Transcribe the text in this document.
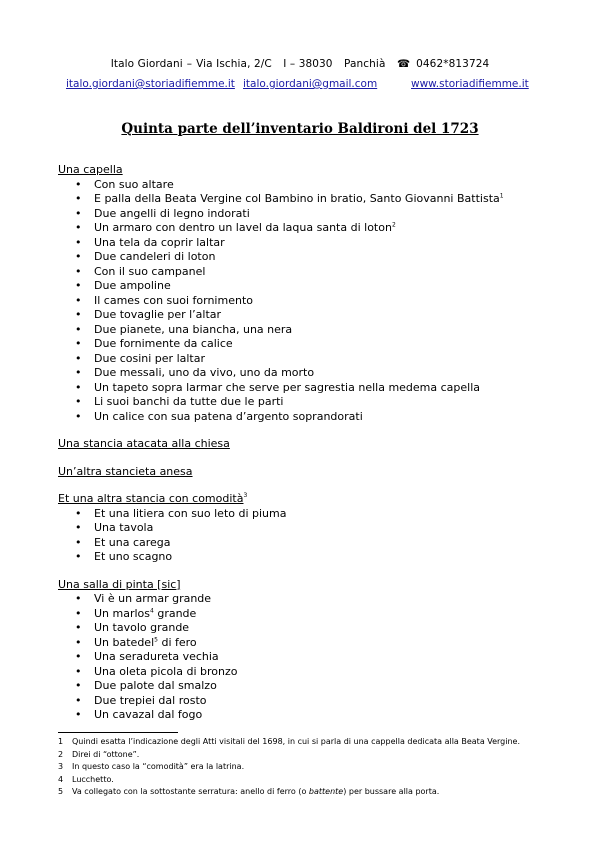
Italo Giordani – Via Ischia, 2/C I – 38030 Panchià ☎ 0462*813724
italo.giordani@storiadifiemme.it italo.giordani@gmail.com	www.storiadifiemme.it
Quinta parte dell’inventario Baldironi del 1723

Una capella

• Con suo altare
• E palla della Beata Vergine col Bambino in bratio, Santo Giovanni Battista$^1$
• Due angelli di legno indorati
• Un armaro con dentro un lavel da laqua santa di loton$^2$
• Una tela da coprir laltar
• Due candeleri di loton
• Con il suo campanel
• Due ampoline
• Il cames con suoi fornimento
• Due tovaglie per l’altar
• Due pianete, una biancha, una nera
• Due fornimente da calice
• Due cosini per laltar
• Due messali, uno da vivo, uno da morto
• Un tapeto sopra larmar che serve per sagrestia nella medema capella
• Li suoi banchi da tutte due le parti
• Un calice con sua patena d’argento soprandorati

Una stancia atacata alla chiesa

Un’altra stancieta anesa

Et una altra stancia con comodità$^3$

• Et una litiera con suo leto di piuma
• Una tavola
• Et una carega
• Et uno scagno

Una salla di pinta [sic]

• Vi è un armar grande
• Un marlos$^4$ grande
• Un tavolo grande
• Un batedel$^5$ di fero
• Una seradureta vechia
• Una oleta picola di bronzo
• Due palote dal smalzo
• Due trepiei dal rosto
• Un cavazal dal fogo
1 Quindi esatta l’indicazione degli Atti visitali del 1698, in cui si parla di una cappella dedicata alla Beata Vergine.
2 Direi di “ottone”.
3 In questo caso la “comodità” era la latrina.
4 Lucchetto.
5 Va collegato con la sottostante serratura: anello di ferro (o battente) per bussare alla porta.
